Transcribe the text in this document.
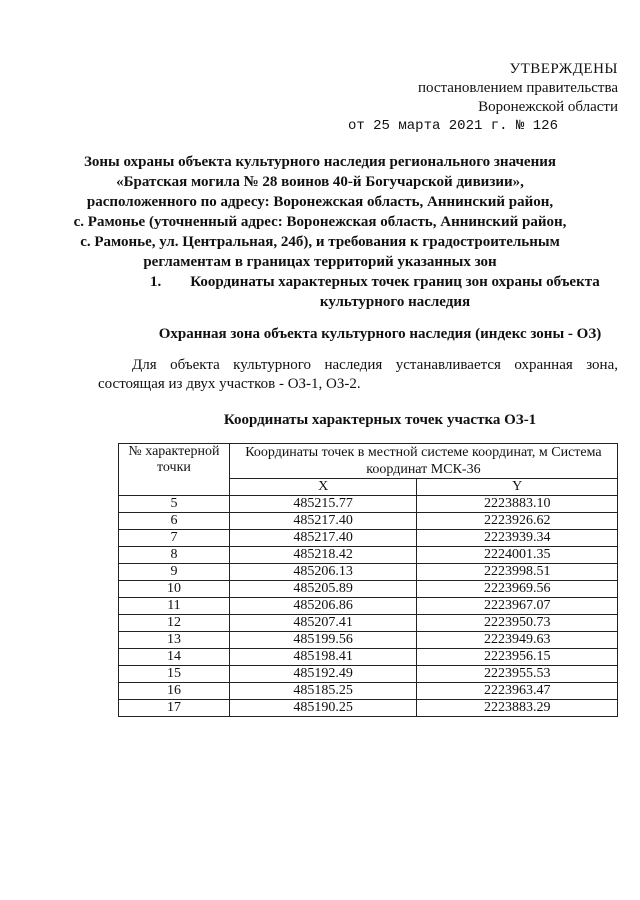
УТВЕРЖДЕНЫ
постановлением правительства
Воронежской области
от 25 марта 2021 г. № 126
Зоны охраны объекта культурного наследия регионального значения
«Братская могила № 28 воинов 40-й Богучарской дивизии»,
расположенного по адресу: Воронежская область, Аннинский район,
с. Рамонье (уточненный адрес: Воронежская область, Аннинский район,
с. Рамонье, ул. Центральная, 24б), и требования к градостроительным
регламентам в границах территорий указанных зон
1.	Координаты характерных точек границ зон охраны объекта
культурного наследия
Охранная зона объекта культурного наследия (индекс зоны - ОЗ)
Для объекта культурного наследия устанавливается охранная зона, состоящая из двух участков - ОЗ-1, ОЗ-2.
Координаты характерных точек участка ОЗ-1
№ характерной точки	Координаты точек в местной системе координат, м Система координат МСК-36	
	X	Y
5	485215.77	2223883.10
6	485217.40	2223926.62
7	485217.40	2223939.34
8	485218.42	2224001.35
9	485206.13	2223998.51
10	485205.89	2223969.56
11	485206.86	2223967.07
12	485207.41	2223950.73
13	485199.56	2223949.63
14	485198.41	2223956.15
15	485192.49	2223955.53
16	485185.25	2223963.47
17	485190.25	2223883.29
